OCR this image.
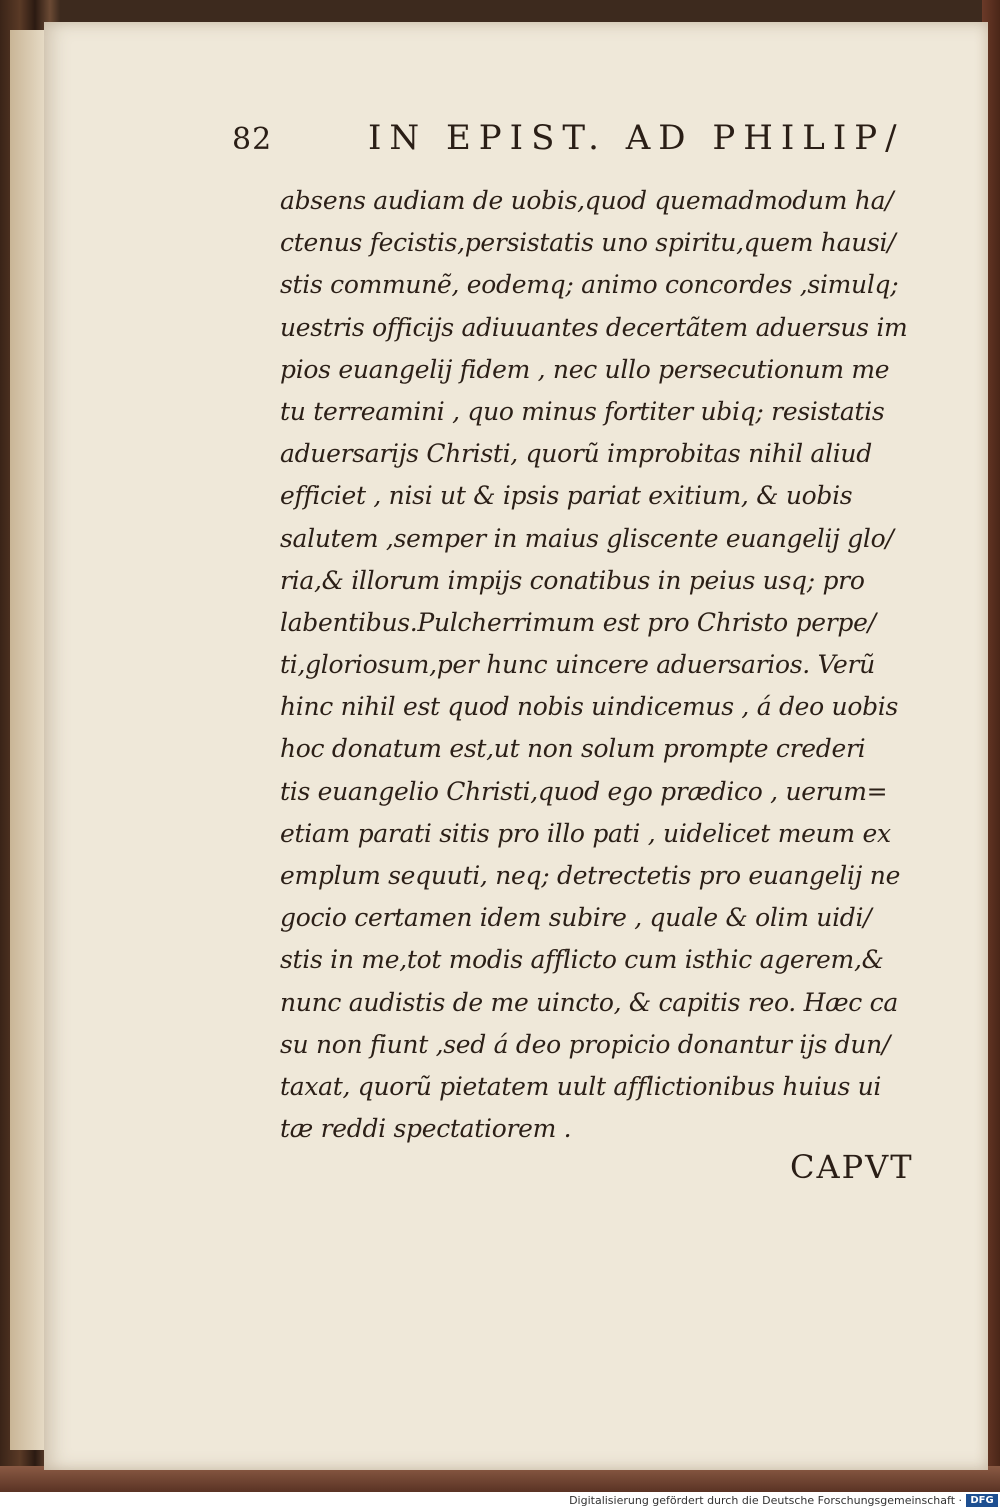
82	IN EPIST. AD PHILIP/
absens audiam de uobis,quod quemadmodum ha/
ctenus fecistis,persistatis uno spiritu,quem hausi/
stis communẽ, eodemq; animo concordes ,simulq;
uestris officijs adiuuantes decertãtem aduersus im
pios euangelij fidem , nec ullo persecutionum me
tu terreamini , quo minus fortiter ubiq; resistatis
aduersarijs Christi, quorũ improbitas nihil aliud
efficiet , nisi ut & ipsis pariat exitium, & uobis
salutem ,semper in maius gliscente euangelij glo/
ria,& illorum impijs conatibus in peius usq; pro
labentibus.Pulcherrimum est pro Christo perpe/
ti,gloriosum,per hunc uincere aduersarios. Verũ
hinc nihil est quod nobis uindicemus , á deo uobis
hoc donatum est,ut non solum prompte crederi
tis euangelio Christi,quod ego prædico , uerum=
etiam parati sitis pro illo pati , uidelicet meum ex
emplum sequuti, neq; detrectetis pro euangelij ne
gocio certamen idem subire , quale & olim uidi/
stis in me,tot modis afflicto cum isthic agerem,&
nunc audistis de me uincto, & capitis reo. Hæc ca
su non fiunt ,sed á deo propicio donantur ijs dun/
taxat, quorũ pietatem uult afflictionibus huius ui
tæ reddi spectatiorem .
CAPVT
Digitalisierung gefördert durch die Deutsche Forschungsgemeinschaft · DFG
